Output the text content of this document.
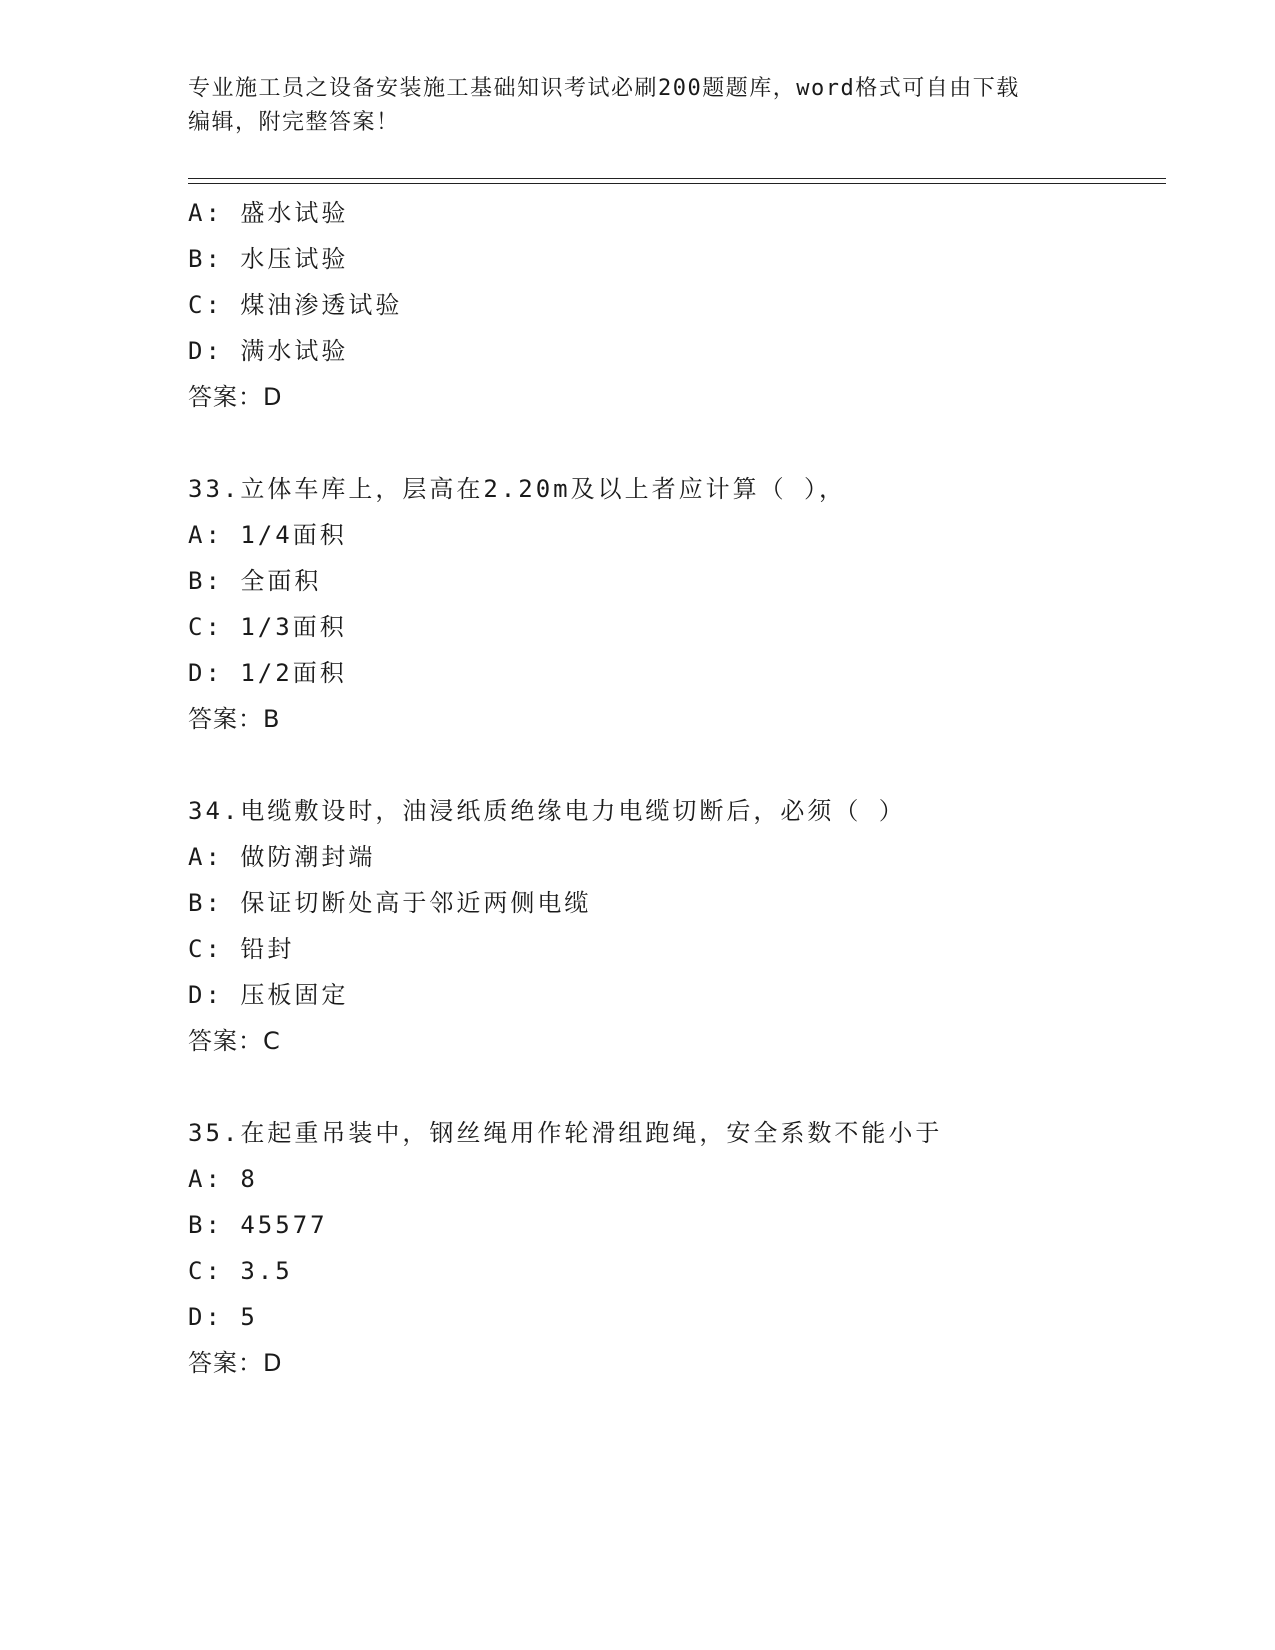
专业施工员之设备安装施工基础知识考试必刷200题题库，word格式可自由下载
编辑，附完整答案！
A: 盛水试验
B: 水压试验
C: 煤油渗透试验
D: 满水试验
答案：D
33.立体车库上，层高在2.20m及以上者应计算（ ），
A: 1/4面积
B: 全面积
C: 1/3面积
D: 1/2面积
答案：B
34.电缆敷设时，油浸纸质绝缘电力电缆切断后，必须（ ）
A: 做防潮封端
B: 保证切断处高于邻近两侧电缆
C: 铅封
D: 压板固定
答案：C
35.在起重吊装中，钢丝绳用作轮滑组跑绳，安全系数不能小于
A: 8
B: 45577
C: 3.5
D: 5
答案：D
